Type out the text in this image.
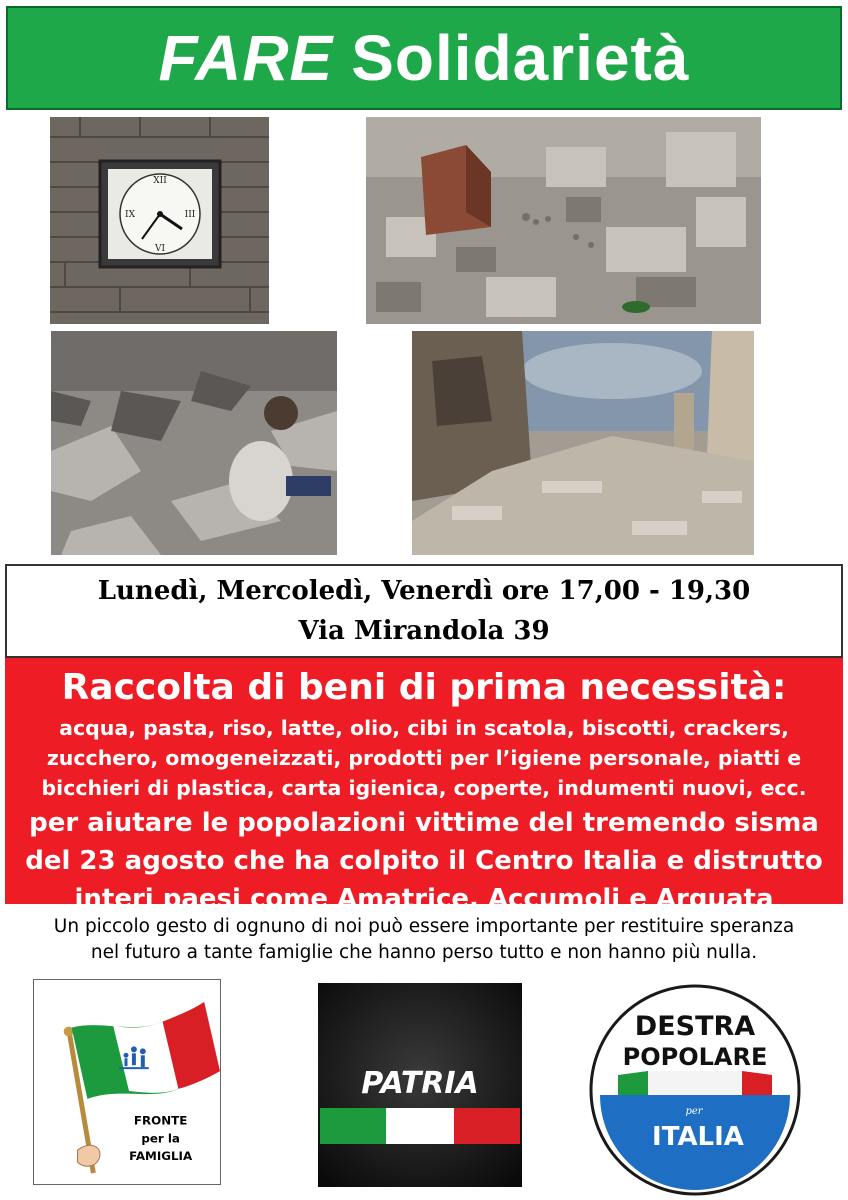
FARE Solidarietà
XII
III
VI
IX
Lunedì, Mercoledì, Venerdì ore 17,00 - 19,30
Via Mirandola 39
Raccolta di beni di prima necessità:
acqua, pasta, riso, latte, olio, cibi in scatola, biscotti, crackers,
zucchero, omogeneizzati, prodotti per l’igiene personale, piatti e
bicchieri di plastica, carta igienica, coperte, indumenti nuovi, ecc.
per aiutare le popolazioni vittime del tremendo sisma
del 23 agosto che ha colpito il Centro Italia e distrutto
interi paesi come Amatrice, Accumoli e Arquata
Un piccolo gesto di ognuno di noi può essere importante per restituire speranza
nel futuro a tante famiglie che hanno perso tutto e non hanno più nulla.
FRONTE
per la
FAMIGLIA
PATRIA
DESTRA
POPOLARE
per
ITALIA
